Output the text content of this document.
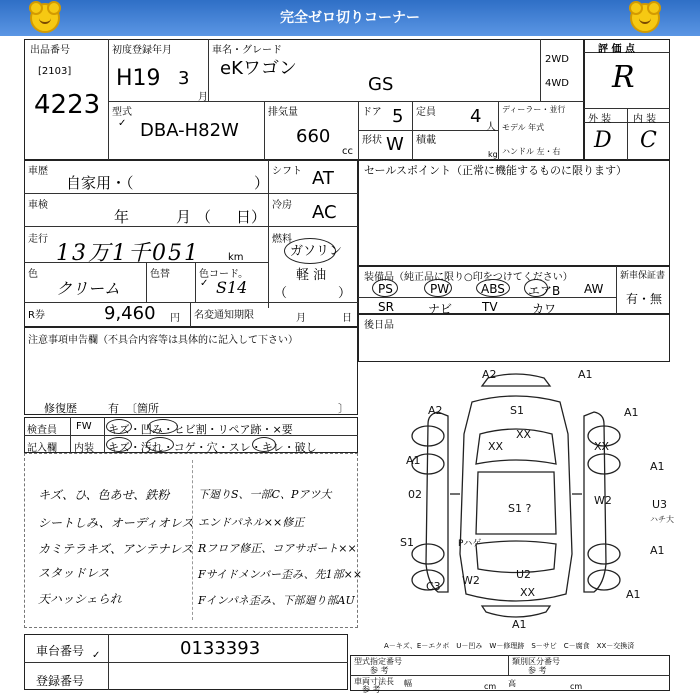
完全ゼロ切りコーナー
出品番号
[2103]
4223
初度登録年月
H19 3
月
車名・グレード
eKワゴン
GS
2WD
4WD
評 価 点
R
外 装 内 装
D C
型式
✓ DBA-H82W
排気量
660
cc
ドア 5
形状 W
定員 4
人
積載
kg
ディーラー・並行
モデル 年式
ハンドル 左・右
車歴
自家用・（	）
シフト AT
車検
年	月 （ 日）
冷房 AC
走行
13万1千051	km
燃料
ガソリン
軽 油
（	）
色
クリーム
色替	色コード。
✓ S14
R券	9,460 円 名変通知期限	月	日
セールスポイント（正常に機能するものに限ります）
装備品（純正品に限り○印をつけてください）	新車保証書
有・無
PS	PW	ABS エアB AW
SR	ナビ TV	カワ
後日品
注意事項申告欄（不具合内容等は具体的に記入して下さい）
修復歴	有 〔箇所	〕
検査員 FW キズ・凹み・ヒビ割・リペア跡・×要
記入欄 内装 キズ・汚れ・コゲ・穴・スレ・キレ・破し
キズ、ひ、色あせ、鉄粉
シートしみ、オーディオレス
カミテラキズ、アンテナレス
スタッドレス
天ハッシェられ
下廻りS、一部C、Pアツ大
エンドパネル××修正
Rフロア修正、コアサポート××
Fサイドメンバー歪み、先1部××
Fインパネ歪み、下部廻り部AU
A2	A1
A2	S1
XX
A1
XX	XX
A1	A1
02	W2	U3
ハチ大
S1 ?
S1	Pハゲ	A1
W2
C3
U2
XX	A1
A1
車台番号 ✓	0133393
登録番号
A－キズ、E－エクボ　U－凹み　W－修理跡　S－サビ　C－腐食　XX－交換済
型式指定番号
参 考
類別区分番号
参 考
車両寸法長
参 考
幅	cm 高	cm
